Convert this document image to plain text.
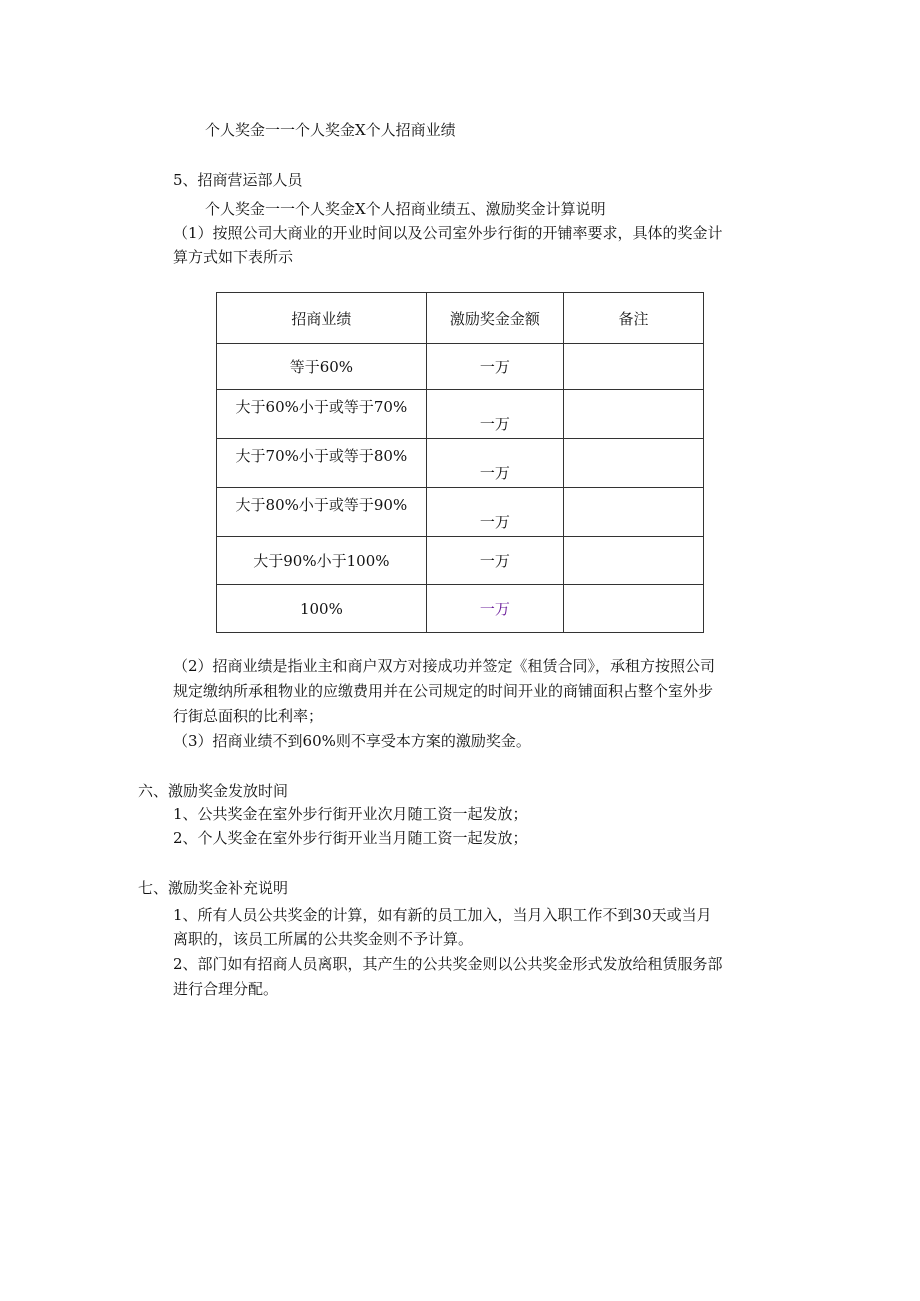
个人奖金一一个人奖金X个人招商业绩
5、招商营运部人员
个人奖金一一个人奖金X个人招商业绩五、激励奖金计算说明
（1）按照公司大商业的开业时间以及公司室外步行街的开铺率要求，具体的奖金计
算方式如下表所示
招商业绩	激励奖金金额	备注
等于60%	一万	

大于60%小于或等于70%	一万	

大于70%小于或等于80%	一万	

大于80%小于或等于90%	一万	

大于90%小于100%	一万	
100%	一万	
（2）招商业绩是指业主和商户双方对接成功并签定《租赁合同》，承租方按照公司
规定缴纳所承租物业的应缴费用并在公司规定的时间开业的商铺面积占整个室外步
行街总面积的比利率；
（3）招商业绩不到60%则不享受本方案的激励奖金。
六、激励奖金发放时间
1、公共奖金在室外步行街开业次月随工资一起发放；
2、个人奖金在室外步行街开业当月随工资一起发放；
七、激励奖金补充说明
1、所有人员公共奖金的计算，如有新的员工加入，当月入职工作不到30天或当月
离职的，该员工所属的公共奖金则不予计算。
2、部门如有招商人员离职，其产生的公共奖金则以公共奖金形式发放给租赁服务部
进行合理分配。
